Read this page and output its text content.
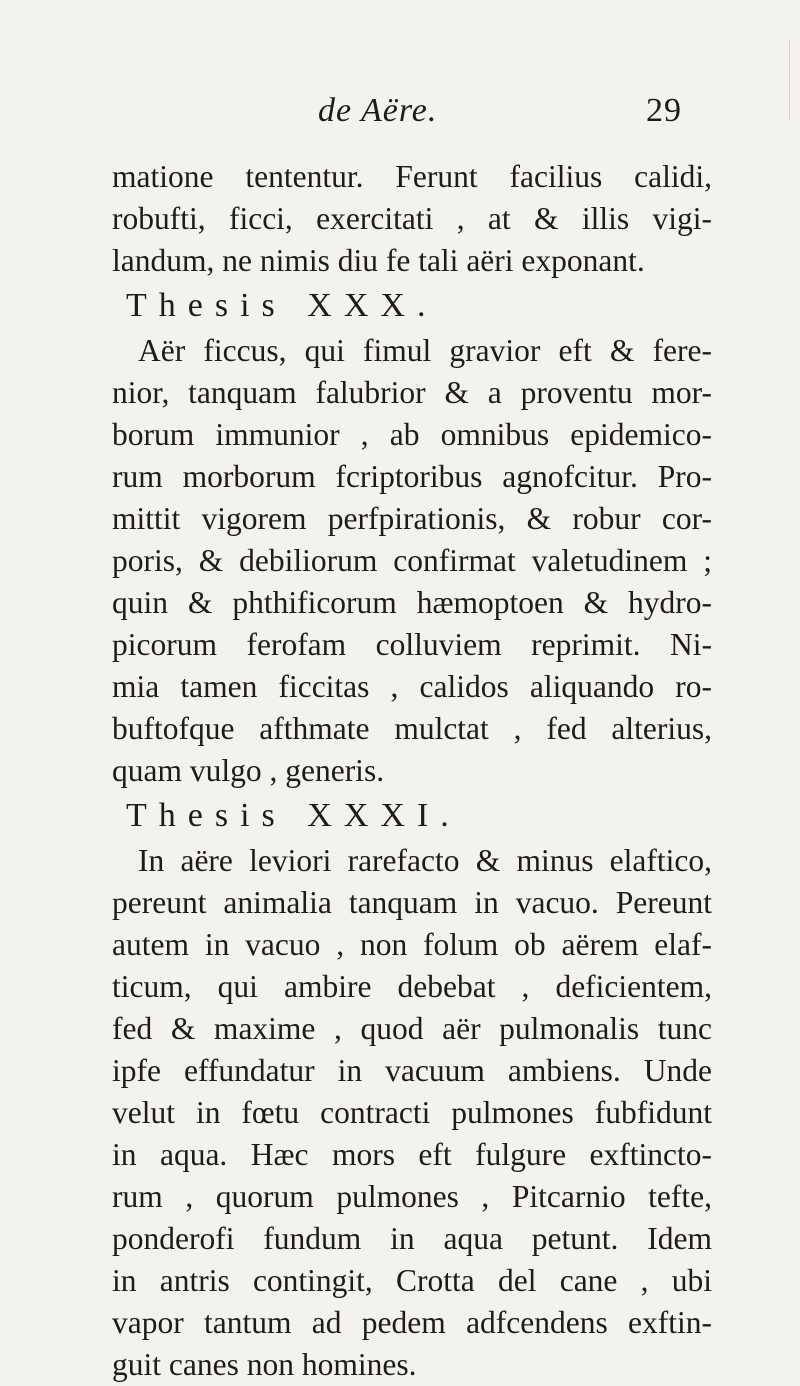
de Aëre.	29
matione tententur. Ferunt facilius calidi,
robufti, ficci, exercitati , at & illis vigi-
landum, ne nimis diu fe tali aëri exponant.
Thesis XXX.
Aër ficcus, qui fimul gravior eft & fere-
nior, tanquam falubrior & a proventu mor-
borum immunior , ab omnibus epidemico-
rum morborum fcriptoribus agnofcitur. Pro-
mittit vigorem perfpirationis, & robur cor-
poris, & debiliorum confirmat valetudinem ;
quin & phthificorum hæmoptoen & hydro-
picorum ferofam colluviem reprimit. Ni-
mia tamen ficcitas , calidos aliquando ro-
buftofque afthmate mulctat , fed alterius,
quam vulgo , generis.
Thesis XXXI.
In aëre leviori rarefacto & minus elaftico,
pereunt animalia tanquam in vacuo. Pereunt
autem in vacuo , non folum ob aërem elaf-
ticum, qui ambire debebat , deficientem,
fed & maxime , quod aër pulmonalis tunc
ipfe effundatur in vacuum ambiens. Unde
velut in fœtu contracti pulmones fubfidunt
in aqua. Hæc mors eft fulgure exftincto-
rum , quorum pulmones , Pitcarnio tefte,
ponderofi fundum in aqua petunt. Idem
in antris contingit, Crotta del cane , ubi
vapor tantum ad pedem adfcendens exftin-
guit canes non homines.
